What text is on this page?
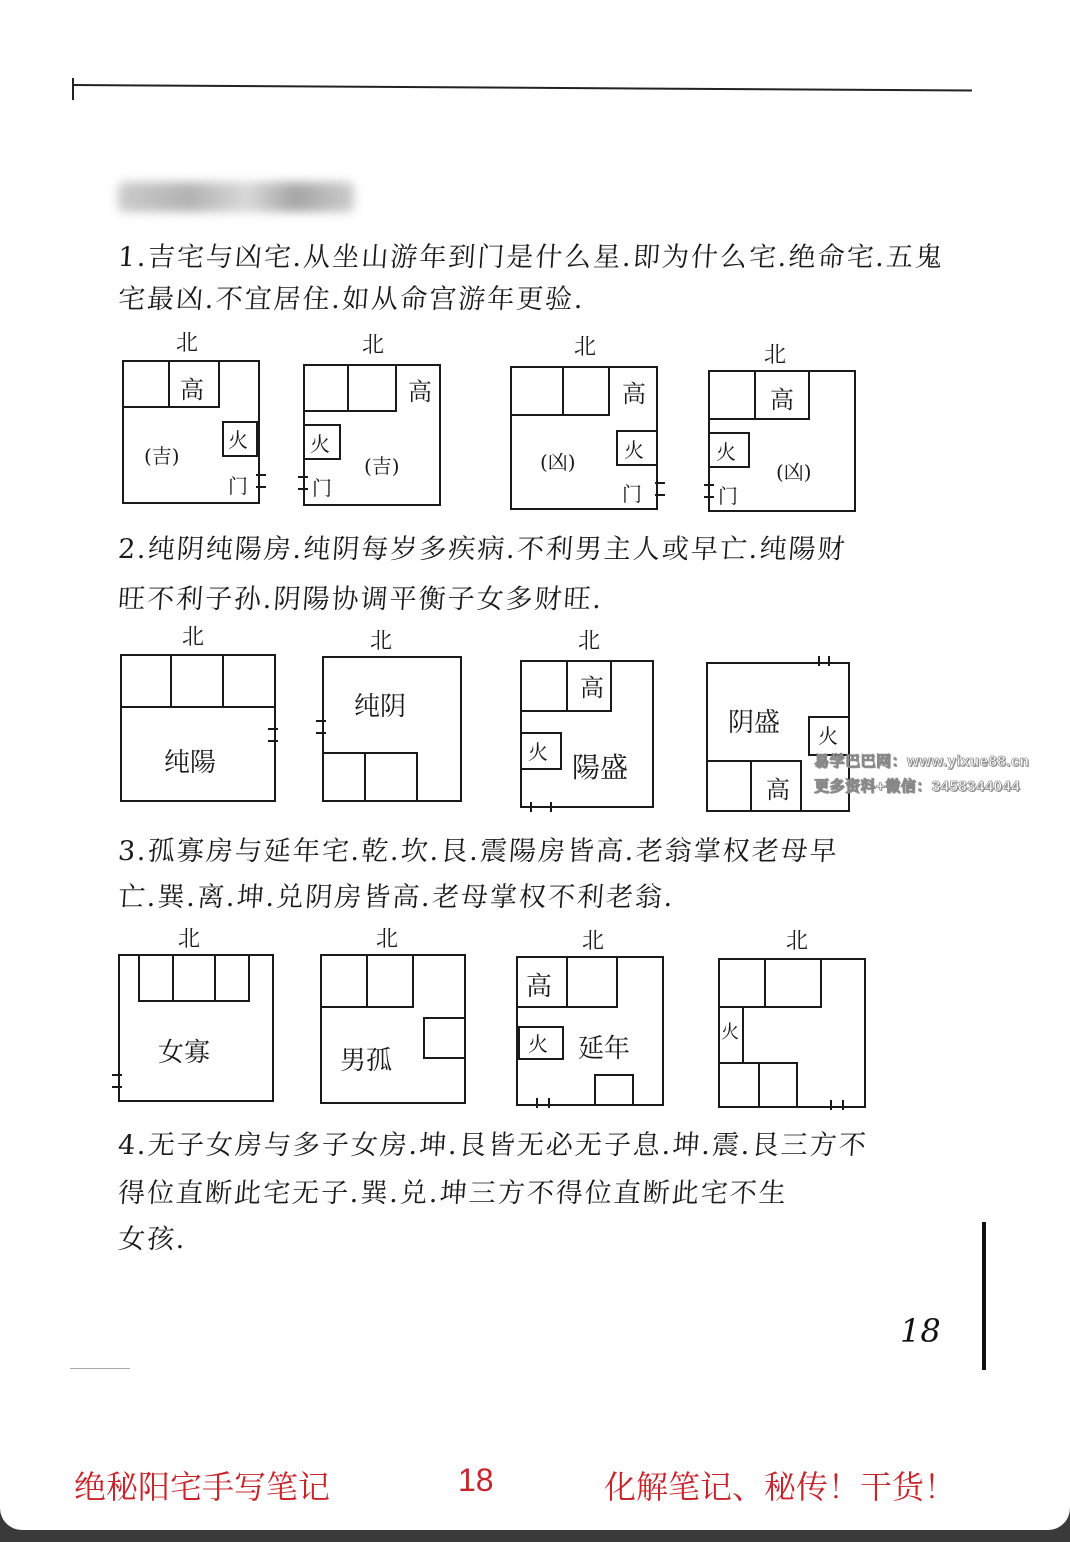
1.吉宅与凶宅.从坐山游年到门是什么星.即为什么宅.绝命宅.五鬼
宅最凶.不宜居住.如从命宫游年更验.
北
高
火
(吉)
门
北
高
火
(吉)
门
北
高
火
(凶)
门
北
高
火
(凶)
门
2.纯阴纯陽房.纯阴每岁多疾病.不利男主人或早亡.纯陽财
旺不利子孙.阴陽协调平衡子女多财旺.
北
纯陽
北
纯阴
北
高
火 陽盛
高
火
阴盛
易学巴巴网：www.yixue88.cn
更多资料+微信：3458344044
3.孤寡房与延年宅.乾.坎.艮.震陽房皆高.老翁掌权老母早
亡.巽.离.坤.兑阴房皆高.老母掌权不利老翁.
北
女寡
北
男孤
北
高
火 延年
北
火
4.无子女房与多子女房.坤.艮皆无必无子息.坤.震.艮三方不
得位直断此宅无子.巽.兑.坤三方不得位直断此宅不生
女孩.
18
绝秘阳宅手写笔记	18	化解笔记、秘传！干货！
